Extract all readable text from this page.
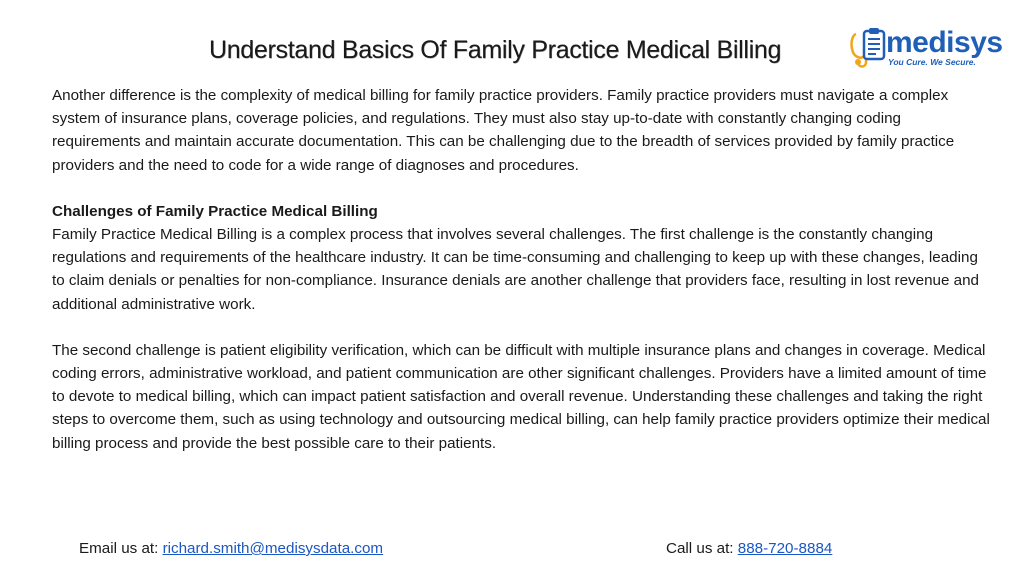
Understand Basics Of Family Practice Medical Billing	medisys
You Cure. We Secure.

Another difference is the complexity of medical billing for family practice providers. Family practice providers must navigate a complex system of insurance plans, coverage policies, and regulations. They must also stay up-to-date with constantly changing coding requirements and maintain accurate documentation. This can be challenging due to the breadth of services provided by family practice providers and the need to code for a wide range of diagnoses and procedures.

Challenges of Family Practice Medical Billing

Family Practice Medical Billing is a complex process that involves several challenges. The first challenge is the constantly changing regulations and requirements of the healthcare industry. It can be time-consuming and challenging to keep up with these changes, leading to claim denials or penalties for non-compliance. Insurance denials are another challenge that providers face, resulting in lost revenue and additional administrative work.

The second challenge is patient eligibility verification, which can be difficult with multiple insurance plans and changes in coverage. Medical coding errors, administrative workload, and patient communication are other significant challenges. Providers have a limited amount of time to devote to medical billing, which can impact patient satisfaction and overall revenue. Understanding these challenges and taking the right steps to overcome them, such as using technology and outsourcing medical billing, can help family practice providers optimize their medical billing process and provide the best possible care to their patients.

Email us at: richard.smith@medisysdata.com	Call us at: 888-720-8884
